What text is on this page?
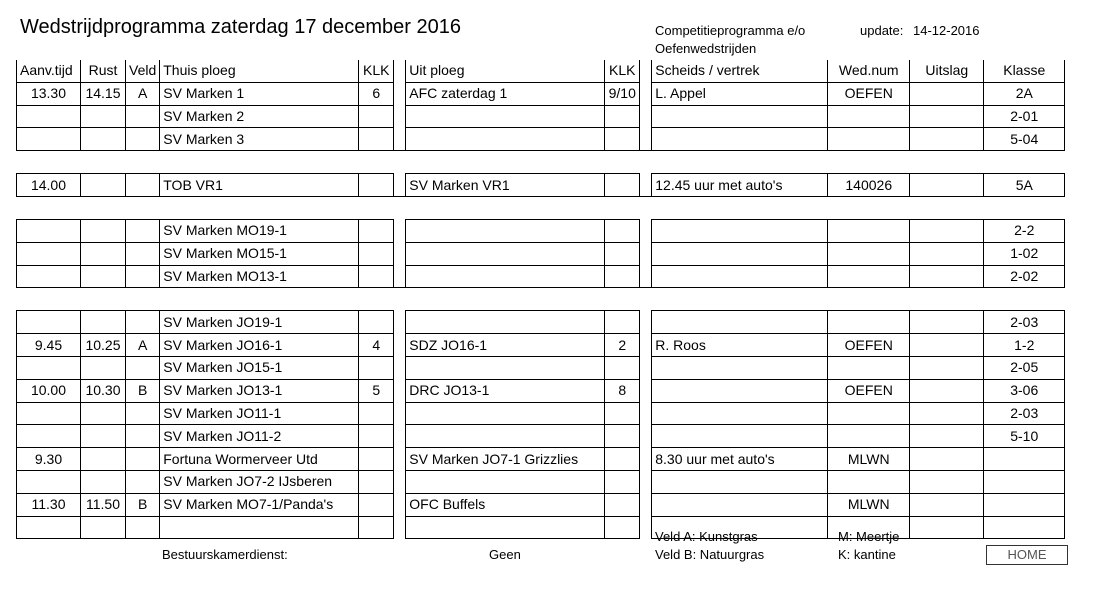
Wedstrijdprogramma zaterdag 17 december 2016	Competitieprogramma e/o
Oefenwedstrijden
update: 14-12-2016
Aanv.tijd	Rust	Veld	Thuis ploeg	KLK		Uit ploeg	KLK		Scheids / vertrek	Wed.num	Uitslag	Klasse
13.30	14.15	A	SV Marken 1	6		AFC zaterdag 1	9/10		L. Appel	OEFEN		2A
			SV Marken 2									2-01
			SV Marken 3									5-04

14.00			TOB VR1			SV Marken VR1			12.45 uur met auto's	140026		5A

			SV Marken MO19-1									2-2
			SV Marken MO15-1									1-02
			SV Marken MO13-1									2-02

			SV Marken JO19-1									2-03
9.45	10.25	A	SV Marken JO16-1	4		SDZ JO16-1	2		R. Roos	OEFEN		1-2
			SV Marken JO15-1									2-05
10.00	10.30	B	SV Marken JO13-1	5		DRC JO13-1	8			OEFEN		3-06
			SV Marken JO11-1									2-03
			SV Marken JO11-2									5-10
9.30			Fortuna Wormerveer Utd			SV Marken JO7-1 Grizzlies			8.30 uur met auto's	MLWN		
			SV Marken JO7-2 IJsberen									
11.30	11.50	B	SV Marken MO7-1/Panda's			OFC Buffels				MLWN		

Bestuurskamerdienst:	Geen
Veld A: Kunstgras
Veld B: Natuurgras
M: Meertje
K: kantine	HOME
